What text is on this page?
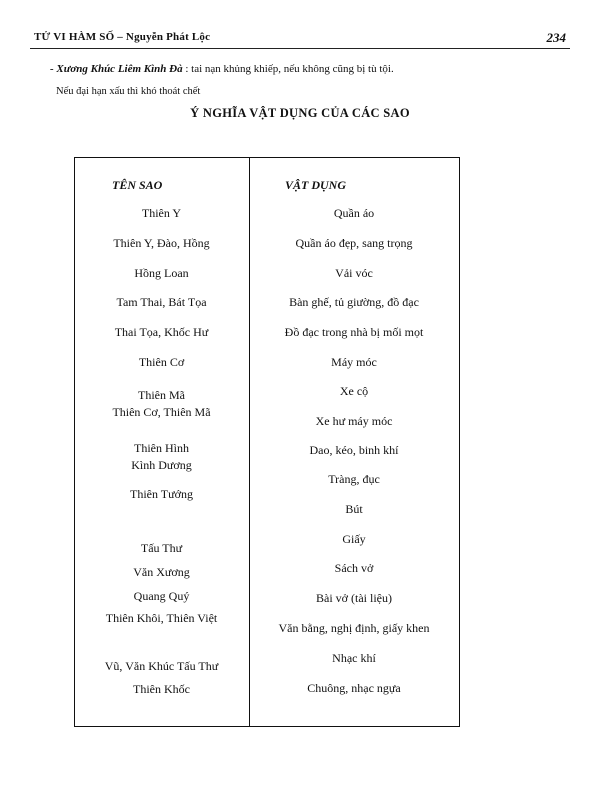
TỬ VI HÀM SỐ – Nguyễn Phát Lộc	234
- Xương Khúc Liêm Kình Đà : tai nạn khủng khiếp, nếu không cũng bị tù tội.
Nếu đại hạn xấu thì khó thoát chết
Ý NGHĨA VẬT DỤNG CỦA CÁC SAO
TÊN SAO	VẬT DỤNG
Thiên Y
Thiên Y, Đào, Hồng
Hồng Loan
Tam Thai, Bát Tọa
Thai Tọa, Khốc Hư
Thiên Cơ
Thiên Mã
Thiên Cơ, Thiên Mã
Thiên Hình
Kình Dương
Thiên Tướng
Tấu Thư
Văn Xương
Quang Quý
Thiên Khôi, Thiên Việt
Vũ, Văn Khúc Tấu Thư
Thiên Khốc
Quần áo
Quần áo đẹp, sang trọng
Vải vóc
Bàn ghế, tủ giường, đồ đạc
Đồ đạc trong nhà bị mối mọt
Máy móc
Xe cộ
Xe hư máy móc
Dao, kéo, binh khí
Tràng, đục
Bút
Giấy
Sách vở
Bài vở (tài liệu)
Văn bằng, nghị định, giấy khen
Nhạc khí
Chuông, nhạc ngựa
